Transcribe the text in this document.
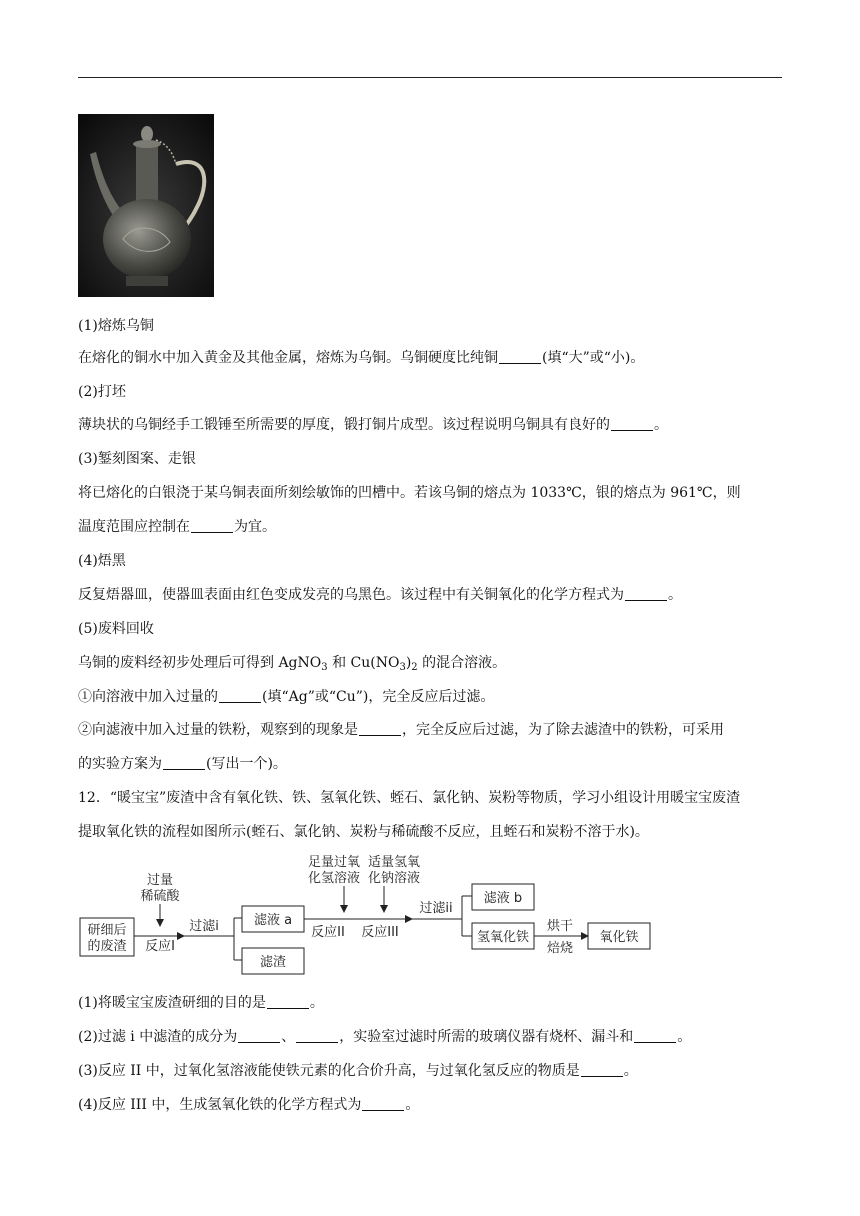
(1)熔炼乌铜
在熔化的铜水中加入黄金及其他金属，熔炼为乌铜。乌铜硬度比纯铜	(填“大”或“小)。
(2)打坯
薄块状的乌铜经手工锻锤至所需要的厚度，锻打铜片成型。该过程说明乌铜具有良好的	。
(3)錾刻图案、走银
将已熔化的白银浇于某乌铜表面所刻绘敏饰的凹槽中。若该乌铜的熔点为 1033℃，银的熔点为 961℃，则
温度范围应控制在	为宜。
(4)焐黑
反复焐器皿，使器皿表面由红色变成发亮的乌黑色。该过程中有关铜氧化的化学方程式为	。
(5)废料回收
乌铜的废料经初步处理后可得到 AgNO$_3$ 和 $Cu(NO_3)_2$ 的混合溶液。
①向溶液中加入过量的	(填“Ag”或“Cu”)，完全反应后过滤。
②向滤液中加入过量的铁粉，观察到的现象是	，完全反应后过滤，为了除去滤渣中的铁粉，可采用
的实验方案为	(写出一个)。
12．“暖宝宝”废渣中含有氧化铁、铁、氢氧化铁、蛭石、氯化钠、炭粉等物质，学习小组设计用暖宝宝废渣
提取氧化铁的流程如图所示(蛭石、氯化钠、炭粉与稀硫酸不反应，且蛭石和炭粉不溶于水)。
研细后
的废渣
过量
稀硫酸
反应I
过滤i	滤液 a
滤渣
足量过氧
化氢溶液
适量氢氧
化钠溶液
反应II 反应III
过滤ii
滤液 b
氢氧化铁
烘干
焙烧
氧化铁
(1)将暖宝宝废渣研细的目的是	。
(2)过滤 i 中滤渣的成分为	、	，实验室过滤时所需的玻璃仪器有烧杯、漏斗和	。
(3)反应 II 中，过氧化氢溶液能使铁元素的化合价升高，与过氧化氢反应的物质是	。
(4)反应 III 中，生成氢氧化铁的化学方程式为	。
